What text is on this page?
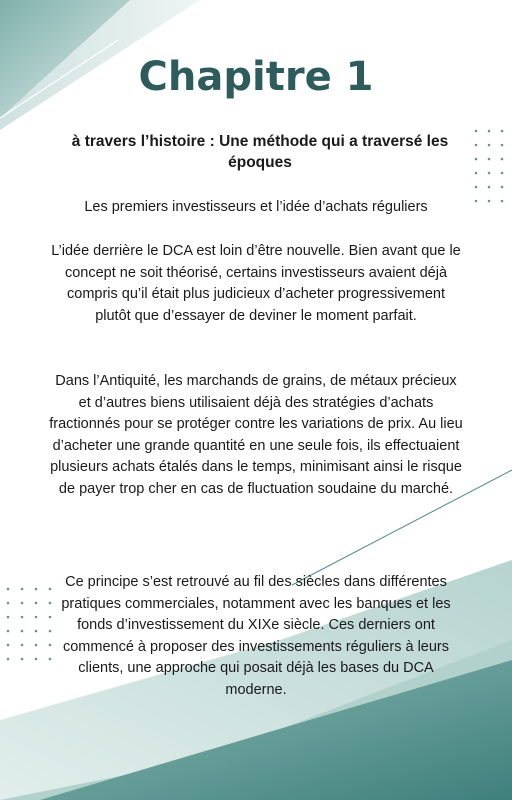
Chapitre 1

à travers l’histoire : Une méthode qui a traversé les époques

Les premiers investisseurs et l’idée d’achats réguliers

L’idée derrière le DCA est loin d’être nouvelle. Bien avant que le concept ne soit théorisé, certains investisseurs avaient déjà compris qu’il était plus judicieux d’acheter progressivement plutôt que d’essayer de deviner le moment parfait.

Dans l’Antiquité, les marchands de grains, de métaux précieux et d’autres biens utilisaient déjà des stratégies d’achats fractionnés pour se protéger contre les variations de prix. Au lieu d’acheter une grande quantité en une seule fois, ils effectuaient plusieurs achats étalés dans le temps, minimisant ainsi le risque de payer trop cher en cas de fluctuation soudaine du marché.

Ce principe s’est retrouvé au fil des siècles dans différentes pratiques commerciales, notamment avec les banques et les fonds d’investissement du XIXe siècle. Ces derniers ont commencé à proposer des investissements réguliers à leurs clients, une approche qui posait déjà les bases du DCA moderne.
